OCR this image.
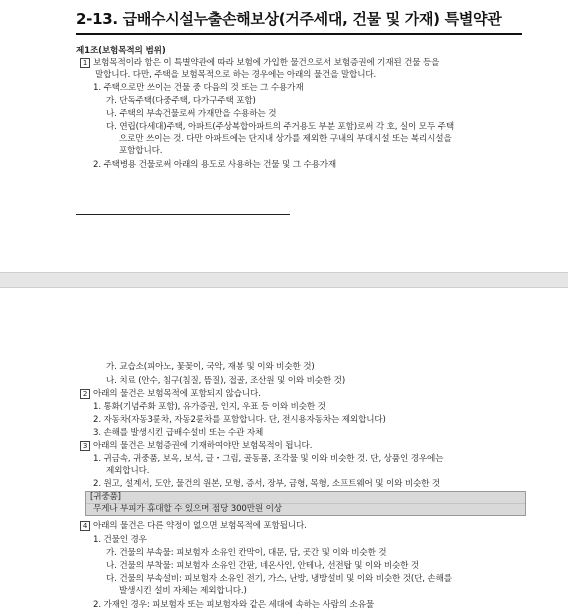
2-13. 급배수시설누출손해보상(거주세대, 건물 및 가재) 특별약관
제1조(보험목적의 범위)
1 보험목적이라 함은 이 특별약관에 따라 보험에 가입한 물건으로서 보험증권에 기재된 건물 등을
말합니다. 다만, 주택을 보험목적으로 하는 경우에는 아래의 물건을 말합니다.
1. 주택으로만 쓰이는 건물 중 다음의 것 또는 그 수용가재
가. 단독주택(다중주택, 다가구주택 포함)
나. 주택의 부속건물로써 가재만을 수용하는 것
다. 연립(다세대)주택, 아파트(주상복합아파트의 주거용도 부분 포함)로써 각 호, 실이 모두 주택
으로만 쓰이는 것. 다만 아파트에는 단지내 상가를 제외한 구내의 부대시설 또는 복리시설을
포함합니다.
2. 주택병용 건물로써 아래의 용도로 사용하는 건물 및 그 수용가재
가. 교습소(피아노, 꽃꽂이, 국악, 재봉 및 이와 비슷한 것)
나. 치료 (안수, 침구(침질, 뜸질), 접골, 조산원 및 이와 비슷한 것)
2 아래의 물건은 보험목적에 포함되지 않습니다.
1. 통화(기념주화 포함), 유가증권, 인지, 우표 등 이와 비슷한 것
2. 자동차(자동3륜차, 자동2륜차를 포함합니다. 단, 전시용자동차는 제외합니다)
3. 손해를 발생시킨 급배수설비 또는 수관 자체
3 아래의 물건은 보험증권에 기재하여야만 보험목적이 됩니다.
1. 귀금속, 귀중품, 보옥, 보석, 글・그림, 골동품, 조각물 및 이와 비슷한 것. 단, 상품인 경우에는
제외합니다.
2. 원고, 설계서, 도안, 물건의 원본, 모형, 증서, 장부, 금형, 목형, 소프트웨어 및 이와 비슷한 것
[귀중품]
무게나 부피가 휴대할 수 있으며 점당 300만원 이상
4 아래의 물건은 다른 약정이 없으면 보험목적에 포함됩니다.
1. 건물인 경우
가. 건물의 부속물: 피보험자 소유인 칸막이, 대문, 담, 곳간 및 이와 비슷한 것
나. 건물의 부착물: 피보험자 소유인 간판, 네온사인, 안테나, 선전탑 및 이와 비슷한 것
다. 건물의 부속설비: 피보험자 소유인 전기, 가스, 난방, 냉방설비 및 이와 비슷한 것(단, 손해를
발생시킨 설비 자체는 제외합니다.)
2. 가재인 경우: 피보험자 또는 피보험자와 같은 세대에 속하는 사람의 소유물
